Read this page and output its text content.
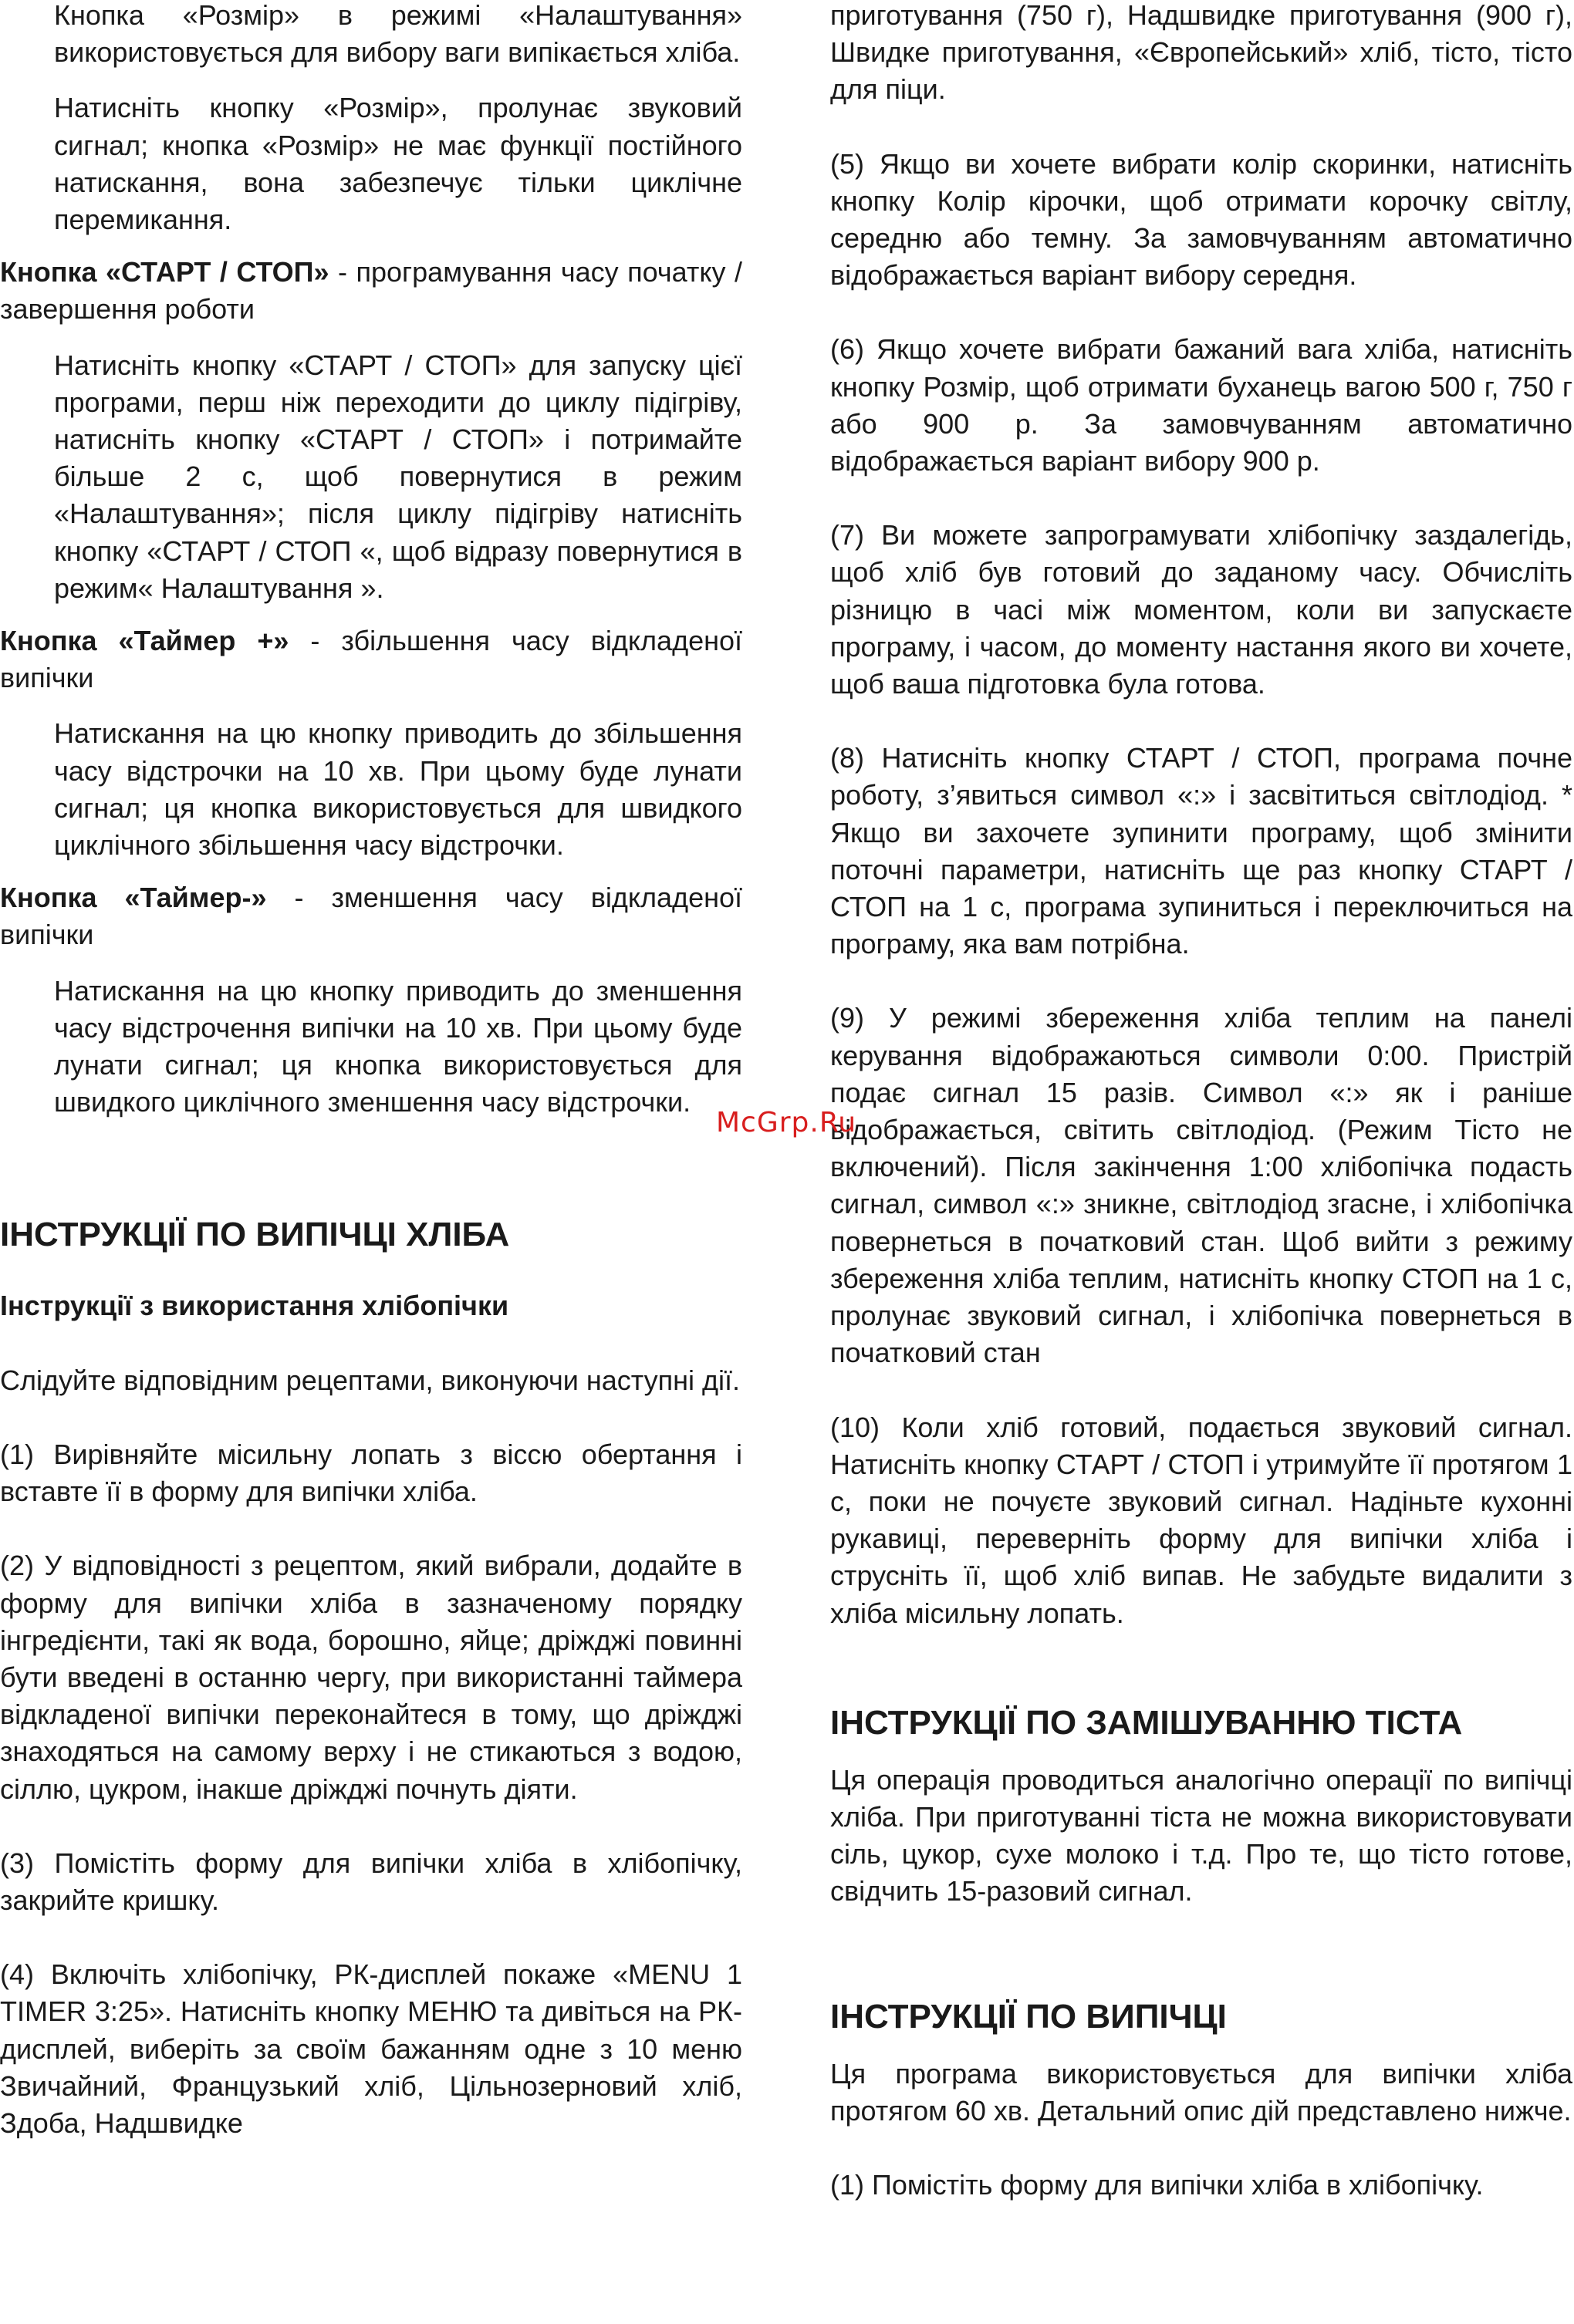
Кнопка «Розмір» в режимі «Налаштування» використовується для вибору ваги випікається хліба.

Натисніть кнопку «Розмір», пролунає звуковий сигнал; кнопка «Розмір» не має функції постійного натискання, вона забезпечує тільки циклічне перемикання.

Кнопка «СТАРТ / СТОП» - програмування часу початку / завершення роботи

Натисніть кнопку «СТАРТ / СТОП» для запуску цієї програми, перш ніж переходити до циклу підігріву, натисніть кнопку «СТАРТ / СТОП» і потримайте більше 2 с, щоб повернутися в режим «Налаштування»; після циклу підігріву натисніть кнопку «СТАРТ / СТОП «, щоб відразу повернутися в режим« Налаштування ».

Кнопка «Таймер +» - збільшення часу відкладеної випічки

Натискання на цю кнопку приводить до збільшення часу відстрочки на 10 хв. При цьому буде лунати сигнал; ця кнопка використовується для швидкого циклічного збільшення часу відстрочки.

Кнопка «Таймер-» - зменшення часу відкладеної випічки

Натискання на цю кнопку приводить до зменшення часу відстрочення випічки на 10 хв. При цьому буде лунати сигнал; ця кнопка використовується для швидкого циклічного зменшення часу відстрочки.

ІНСТРУКЦІЇ ПО ВИПІЧЦІ ХЛІБА

Інструкції з використання хлібопічки

Слідуйте відповідним рецептами, виконуючи наступні дії.

(1) Вирівняйте місильну лопать з віссю обертання і вставте її в форму для випічки хліба.

(2) У відповідності з рецептом, який вибрали, додайте в форму для випічки хліба в зазначеному порядку інгредієнти, такі як вода, борошно, яйце; дріжджі повинні бути введені в останню чергу, при використанні таймера відкладеної випічки переконайтеся в тому, що дріжджі знаходяться на самому верху і не стикаються з водою, сіллю, цукром, інакше дріжджі почнуть діяти.

(3) Помістіть форму для випічки хліба в хлібопічку, закрийте кришку.

(4) Включіть хлібопічку, РК-дисплей покаже «MENU 1 TIMER 3:25». Натисніть кнопку МЕНЮ та дивіться на РК-дисплей, виберіть за своїм бажанням одне з 10 меню Звичайний, Французький хліб, Цільнозерновий хліб, Здоба, Надшвидке

приготування (750 г), Надшвидке приготування (900 г), Швидке приготування, «Європейський» хліб, тісто, тісто для піци.

(5) Якщо ви хочете вибрати колір скоринки, натисніть кнопку Колір кірочки, щоб отримати корочку світлу, середню або темну. За замовчуванням автоматично відображається варіант вибору середня.

(6) Якщо хочете вибрати бажаний вага хліба, натисніть кнопку Розмір, щоб отримати буханець вагою 500 г, 750 г або 900 р. За замовчуванням автоматично відображається варіант вибору 900 р.

(7) Ви можете запрограмувати хлібопічку заздалегідь, щоб хліб був готовий до заданому часу. Обчисліть різницю в часі між моментом, коли ви запускаєте програму, і часом, до моменту настання якого ви хочете, щоб ваша підготовка була готова.

(8) Натисніть кнопку СТАРТ / СТОП, програма почне роботу, з’явиться символ «:» і засвітиться світлодіод. * Якщо ви захочете зупинити програму, щоб змінити поточні параметри, натисніть ще раз кнопку СТАРТ / СТОП на 1 с, програма зупиниться і переключиться на програму, яка вам потрібна.

(9) У режимі збереження хліба теплим на панелі керування відображаються символи 0:00. Пристрій подає сигнал 15 разів. Символ «:» як і раніше відображається, світить світлодіод. (Режим Тісто не включений). Після закінчення 1:00 хлібопічка подасть сигнал, символ «:» зникне, світлодіод згасне, і хлібопічка повернеться в початковий стан. Щоб вийти з режиму збереження хліба теплим, натисніть кнопку СТОП на 1 с, пролунає звуковий сигнал, і хлібопічка повернеться в початковий стан

(10) Коли хліб готовий, подається звуковий сигнал. Натисніть кнопку СТАРТ / СТОП і утримуйте її протягом 1 с, поки не почуєте звуковий сигнал. Надіньте кухонні рукавиці, переверніть форму для випічки хліба і струсніть її, щоб хліб випав. Не забудьте видалити з хліба місильну лопать.

ІНСТРУКЦІЇ ПО ЗАМІШУВАННЮ ТІСТА

Ця операція проводиться аналогічно операції по випічці хліба. При приготуванні тіста не можна використовувати сіль, цукор, сухе молоко і т.д. Про те, що тісто готове, свідчить 15-разовий сигнал.

ІНСТРУКЦІЇ ПО ВИПІЧЦІ

Ця програма використовується для випічки хліба протягом 60 хв. Детальний опис дій представлено нижче.

(1) Помістіть форму для випічки хліба в хлібопічку.

McGrp.Ru
